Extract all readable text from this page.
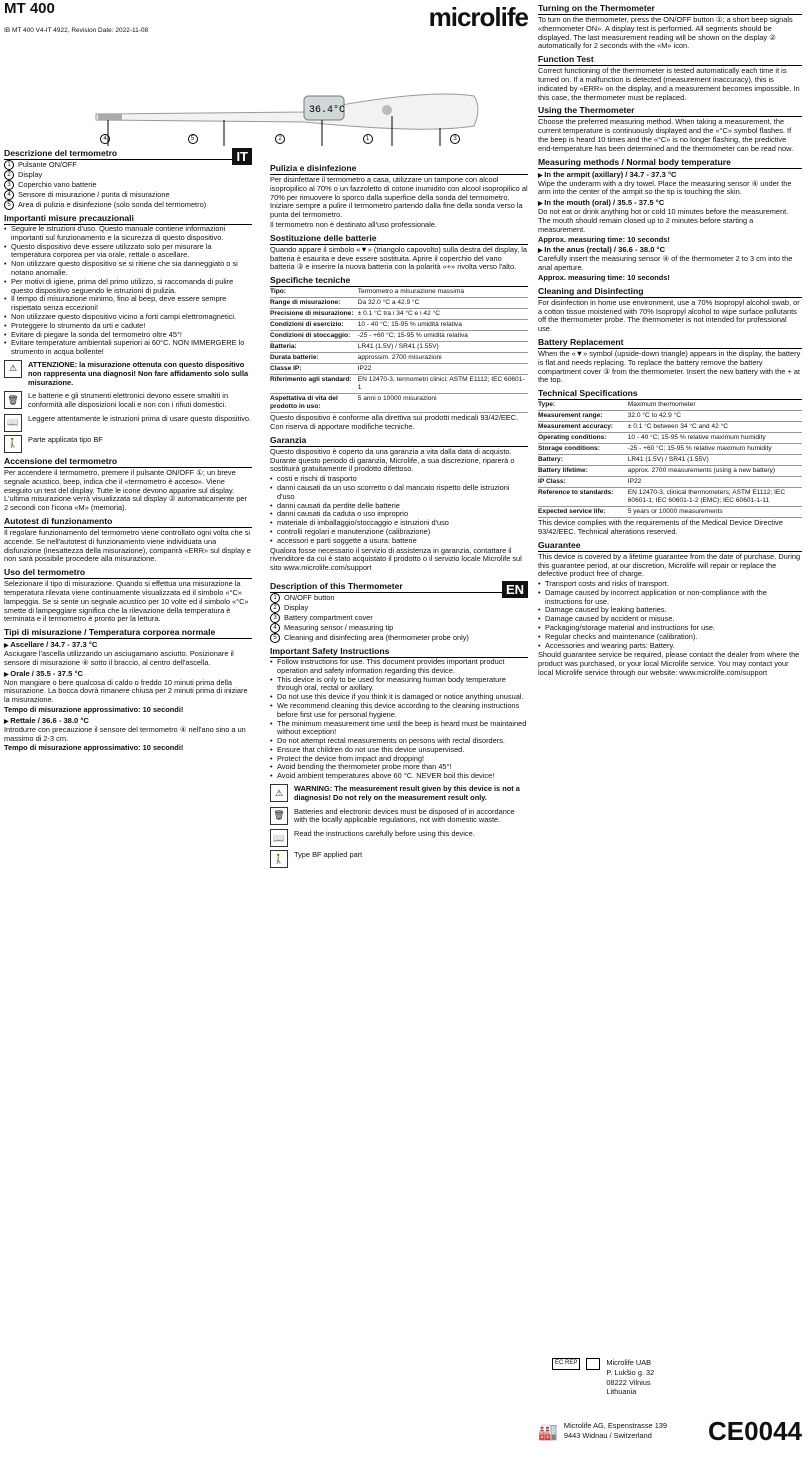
MT 400
IB MT 400 V4-IT 4922, Revision Date: 2022-11-08	microlife
36.4°C
4	5	2	1	3
IT
Descrizione del termometro
1 Pulsante ON/OFF
2 Display
3 Coperchio vano batterie
4 Sensore di misurazione / punta di misurazione
5 Area di pulizia e disinfezione (solo sonda del termometro)
Importanti misure precauzionali
• Seguire le istruzioni d'uso. Questo manuale contiene informazioni importanti sul funzionamento e la sicurezza di questo dispositivo.
• Questo dispositivo deve essere utilizzato solo per misurare la temperatura corporea per via orale, rettale o ascellare.
• Non utilizzare questo dispositivo se si ritiene che sia danneggiato o si notano anomalie.
• Per motivi di igiene, prima del primo utilizzo, si raccomanda di pulire questo dispositivo seguendo le istruzioni di pulizia.
• Il tempo di misurazione minimo, fino al beep, deve essere sempre rispettato senza eccezioni!
• Non utilizzare questo dispositivo vicino a forti campi elettromagnetici.
• Proteggere lo strumento da urti e cadute!
• Evitare di piegare la sonda del termometro oltre 45°!
• Evitare temperature ambientali superiori ai 60°C. NON IMMERGERE lo strumento in acqua bollente!
⚠	ATTENZIONE: la misurazione ottenuta con questo dispositivo non rappresenta una diagnosi! Non fare affidamento solo sulla misurazione.
🗑	Le batterie e gli strumenti elettronici devono essere smaltiti in conformità alle disposizioni locali e non con i rifiuti domestici.
📖	Leggere attentamente le istruzioni prima di usare questo dispositivo.
🚶	Parte applicata tipo BF
Accensione del termometro
Per accendere il termometro, premere il pulsante ON/OFF ①; un breve segnale acustico, beep, indica che il «termometro è acceso». Viene eseguito un test del display. Tutte le icone devono apparire sul display. L'ultima misurazione verrà visualizzata sul display ② automaticamente per 2 secondi con l'icona «M» (memoria).
Autotest di funzionamento
Il regolare funzionamento del termometro viene controllato ogni volta che si accende. Se nell'autotest di funzionamento viene individuata una disfunzione (inesattezza della misurazione), comparirà «ERR» sul display e non sarà possibile procedere alla misurazione.
Uso del termometro
Selezionare il tipo di misurazione. Quando si effettua una misurazione la temperatura rilevata viene continuamente visualizzata ed il simbolo «°C» lampeggia. Se si sente un segnale acustico per 10 volte ed il simbolo «°C» smette di lampeggiare significa che la rilevazione della temperatura è terminata e il termometro è pronto per la lettura.
Tipi di misurazione / Temperatura corporea normale
▶ Ascellare / 34.7 - 37.3 °C
Asciugare l'ascella utilizzando un asciugamano asciutto. Posizionare il sensore di misurazione ④ sotto il braccio, al centro dell'ascella.
▶ Orale / 35.5 - 37.5 °C
Non mangiare o bere qualcosa di caldo o freddo 10 minuti prima della misurazione. La bocca dovrà rimanere chiusa per 2 minuti prima di iniziare la misurazione.
Tempo di misurazione approssimativo: 10 secondi!
▶ Rettale / 36.6 - 38.0 °C
Introdurre con precauzione il sensore del termometro ④ nell'ano sino a un massimo di 2-3 cm.
Tempo di misurazione approssimativo: 10 secondi!
Pulizia e disinfezione
Per disinfettare il termometro a casa, utilizzare un tampone con alcool isopropilico al 70% o un fazzoletto di cotone inumidito con alcool isopropilico al 70% per rimuovere lo sporco dalla superficie della sonda del termometro. Iniziare sempre a pulire il termometro partendo dalla fine della sonda verso la punta del termometro.
Il termometro non è destinato all'uso professionale.
Sostituzione delle batterie
Quando appare il simbolo «▼» (triangolo capovolto) sulla destra del display, la batteria è esaurita e deve essere sostituita. Aprire il coperchio del vano batteria ③ e inserire la nuova batteria con la polarità «+» rivolta verso l'alto.
Specifiche tecniche
Tipo:	Termometro a misurazione massima
Range di misurazione:	Da 32.0 °C a 42.9 °C
Precisione di misurazione:	± 0.1 °C tra i 34 °C e i 42 °C
Condizioni di esercizio:	10 - 40 °C; 15-95 % umidità relativa
Condizioni di stoccaggio:	-25 - +60 °C; 15-95 % umidità relativa
Batteria:	LR41 (1.5V) / SR41 (1.55V)
Durata batterie:	approssim. 2700 misurazioni
Classe IP:	IP22
Riferimento agli standard:	EN 12470-3, termometri clinici; ASTM E1112; IEC 60601-1
Aspettativa di vita del prodotto in uso:	5 anni o 10000 misurazioni
Questo dispositivo è conforme alla direttiva sui prodotti medicali 93/42/EEC. Con riserva di apportare modifiche tecniche.
Garanzia
Questo dispositivo è coperto da una garanzia a vita dalla data di acquisto. Durante questo periodo di garanzia, Microlife, a sua discrezione, riparerà o sostituirà gratuitamente il prodotto difettoso.
• costi e rischi di trasporto
• danni causati da un uso scorretto o dal mancato rispetto delle istruzioni d'uso
• danni causati da perdite delle batterie
• danni causati da caduta o uso improprio
• materiale di imballaggio/stoccaggio e istruzioni d'uso
• controlli regolari e manutenzione (calibrazione)
• accessori e parti soggette a usura: batterie
Qualora fosse necessario il servizio di assistenza in garanzia, contattare il rivenditore da cui è stato acquistato il prodotto o il servizio locale Microlife sul sito www.microlife.com/support
EN
Description of this Thermometer
1 ON/OFF button
2 Display
3 Battery compartment cover
4 Measuring sensor / measuring tip
5 Cleaning and disinfecting area (thermometer probe only)
Important Safety Instructions
• Follow instructions for use. This document provides important product operation and safety information regarding this device.
• This device is only to be used for measuring human body temperature through oral, rectal or axillary.
• Do not use this device if you think it is damaged or notice anything unusual.
• We recommend cleaning this device according to the cleaning instructions before first use for personal hygiene.
• The minimum measurement time until the beep is heard must be maintained without exception!
• Do not attempt rectal measurements on persons with rectal disorders.
• Ensure that children do not use this device unsupervised.
• Protect the device from impact and dropping!
• Avoid bending the thermometer probe more than 45°!
• Avoid ambient temperatures above 60 °C. NEVER boil this device!
⚠	WARNING: The measurement result given by this device is not a diagnosis! Do not rely on the measurement result only.
🗑	Batteries and electronic devices must be disposed of in accordance with the locally applicable regulations, not with domestic waste.
📖	Read the instructions carefully before using this device.
🚶	Type BF applied part
Turning on the Thermometer
To turn on the thermometer, press the ON/OFF button ①; a short beep signals «thermometer ON». A display test is performed. All segments should be displayed. The last measurement reading will be shown on the display ② automatically for 2 seconds with the «M» icon.
Function Test
Correct functioning of the thermometer is tested automatically each time it is turned on. If a malfunction is detected (measurement inaccuracy), this is indicated by «ERR» on the display, and a measurement becomes impossible. In this case, the thermometer must be replaced.
Using the Thermometer
Choose the preferred measuring method. When taking a measurement, the current temperature is continuously displayed and the «°C» symbol flashes. If the beep is heard 10 times and the «°C» is no longer flashing, the predictive end-temperature has been determined and the thermometer can be read now.
Measuring methods / Normal body temperature
▶ In the armpit (axillary) / 34.7 - 37.3 °C
Wipe the underarm with a dry towel. Place the measuring sensor ④ under the arm into the center of the armpit so the tip is touching the skin.
▶ In the mouth (oral) / 35.5 - 37.5 °C
Do not eat or drink anything hot or cold 10 minutes before the measurement. The mouth should remain closed up to 2 minutes before starting a measurement.
Approx. measuring time: 10 seconds!
▶ In the anus (rectal) / 36.6 - 38.0 °C
Carefully insert the measuring sensor ④ of the thermometer 2 to 3 cm into the anal aperture.
Approx. measuring time: 10 seconds!
Cleaning and Disinfecting
For disinfection in home use environment, use a 70% Isopropyl alcohol swab, or a cotton tissue moistened with 70% Isopropyl alcohol to wipe surface pollutants off the thermometer probe. The thermometer is not intended for professional use.
Battery Replacement
When the «▼» symbol (upside-down triangle) appears in the display, the battery is flat and needs replacing. To replace the battery remove the battery compartment cover ③ from the thermometer. Insert the new battery with the + at the top.
Technical Specifications
Type:	Maximum thermometer
Measurement range:	32.0 °C to 42.9 °C
Measurement accuracy:	± 0.1 °C between 34 °C and 42 °C
Operating conditions:	10 - 40 °C; 15-95 % relative maximum humidity
Storage conditions:	-25 - +60 °C; 15-95 % relative maximum humidity
Battery:	LR41 (1.5V) / SR41 (1.55V)
Battery lifetime:	approx. 2700 measurements (using a new battery)
IP Class:	IP22
Reference to standards:	EN 12470-3, clinical thermometers; ASTM E1112; IEC 60601-1; IEC 60601-1-2 (EMC); IEC 60601-1-11
Expected service life:	5 years or 10000 measurements
This device complies with the requirements of the Medical Device Directive 93/42/EEC. Technical alterations reserved.
Guarantee
This device is covered by a lifetime guarantee from the date of purchase. During this guarantee period, at our discretion, Microlife will repair or replace the defective product free of charge.
• Transport costs and risks of transport.
• Damage caused by incorrect application or non-compliance with the instructions for use.
• Damage caused by leaking batteries.
• Damage caused by accident or misuse.
• Packaging/storage material and instructions for use.
• Regular checks and maintenance (calibration).
• Accessories and wearing parts: Battery.
Should guarantee service be required, please contact the dealer from where the product was purchased, or your local Microlife service. You may contact your local Microlife service through our website: www.microlife.com/support
EC REP	Microlife UAB
P. Lukšio g. 32
08222 Vilnius
Lithuania
🏭 Microlife AG, Espenstrasse 139
9443 Widnau / Switzerland	CE0044
